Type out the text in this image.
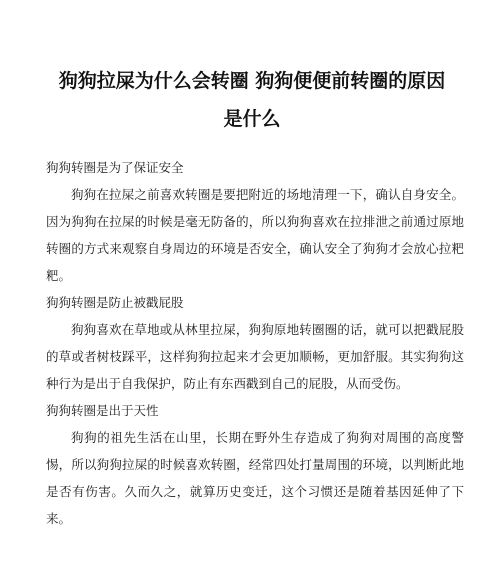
狗狗拉屎为什么会转圈 狗狗便便前转圈的原因
是什么

狗狗转圈是为了保证安全

狗狗在拉屎之前喜欢转圈是要把附近的场地清理一下，确认自身安全。因为狗狗在拉屎的时候是毫无防备的，所以狗狗喜欢在拉排泄之前通过原地转圈的方式来观察自身周边的环境是否安全，确认安全了狗狗才会放心拉粑粑。

狗狗转圈是防止被戳屁股

狗狗喜欢在草地或从林里拉屎，狗狗原地转圈圈的话，就可以把戳屁股的草或者树枝踩平，这样狗狗拉起来才会更加顺畅，更加舒服。其实狗狗这种行为是出于自我保护，防止有东西戳到自己的屁股，从而受伤。

狗狗转圈是出于天性

狗狗的祖先生活在山里，长期在野外生存造成了狗狗对周围的高度警惕，所以狗狗拉屎的时候喜欢转圈，经常四处打量周围的环境，以判断此地是否有伤害。久而久之，就算历史变迁，这个习惯还是随着基因延伸了下来。
